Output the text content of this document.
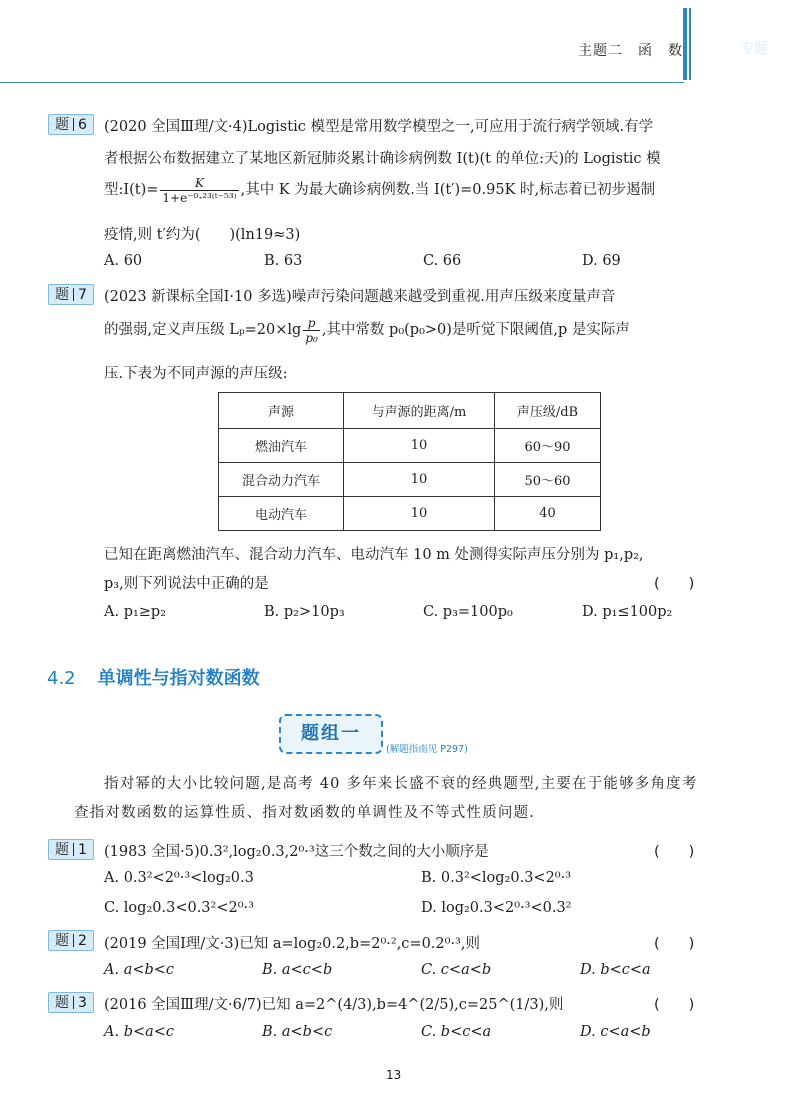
主题二　函　数	专题
题 6	(2020 全国Ⅲ理/文·4)Logistic 模型是常用数学模型之一,可应用于流行病学领域.有学
者根据公布数据建立了某地区新冠肺炎累计确诊病例数 I(t)(t 的单位:天)的 Logistic 模
型:I(t)= $\frac{K}{\text{1+e⁻⁰·²³⁽ᵗ⁻⁵³⁾}}$ ,其中 K 为最大确诊病例数.当 I(t′)=0.95K 时,标志着已初步遏制
疫情,则 t′约为(　　)(ln19≈3)
A. 60	B. 63	C. 66	D. 69
题 7	(2023 新课标全国Ⅰ·10 多选)噪声污染问题越来越受到重视.用声压级来度量声音
的强弱,定义声压级 $L_p=20\times\lg \frac{p}{\text{p₀}}$ ,其中常数 p₀(p₀>0)是听觉下限阈值,p 是实际声
压.下表为不同声源的声压级:
声源	与声源的距离/m	声压级/dB
燃油汽车	10	60～90
混合动力汽车	10	50～60
电动汽车	10	40
已知在距离燃油汽车、混合动力汽车、电动汽车 10 m 处测得实际声压分别为 p₁,p₂,
p₃,则下列说法中正确的是	(　　)
A. p₁≥p₂	B. p₂>10p₃	C. p₃=100p₀	D. p₁≤100p₂
4.2 单调性与指对数函数
题组一
(解题指南见 P297)
指对幂的大小比较问题,是高考 40 多年来长盛不衰的经典题型,主要在于能够多角度考
查指对数函数的运算性质、指对数函数的单调性及不等式性质问题.
题 1	(1983 全国·5)0.3²,log₂0.3,2⁰·³这三个数之间的大小顺序是	(　　)
A. 0.3²<2⁰·³<log₂0.3	B. 0.3²<log₂0.3<2⁰·³
C. log₂0.3<0.3²<2⁰·³	D. log₂0.3<2⁰·³<0.3²
题 2	(2019 全国Ⅰ理/文·3)已知 a=log₂0.2,b=2⁰·²,c=0.2⁰·³,则	(　　)
A. a<b<c	B. a<c<b	C. c<a<b	D. b<c<a
题 3	(2016 全国Ⅲ理/文·6/7)已知 a=2^(4/3),b=4^(2/5),c=25^(1/3),则	(　　)
A. b<a<c	B. a<b<c	C. b<c<a	D. c<a<b
13
